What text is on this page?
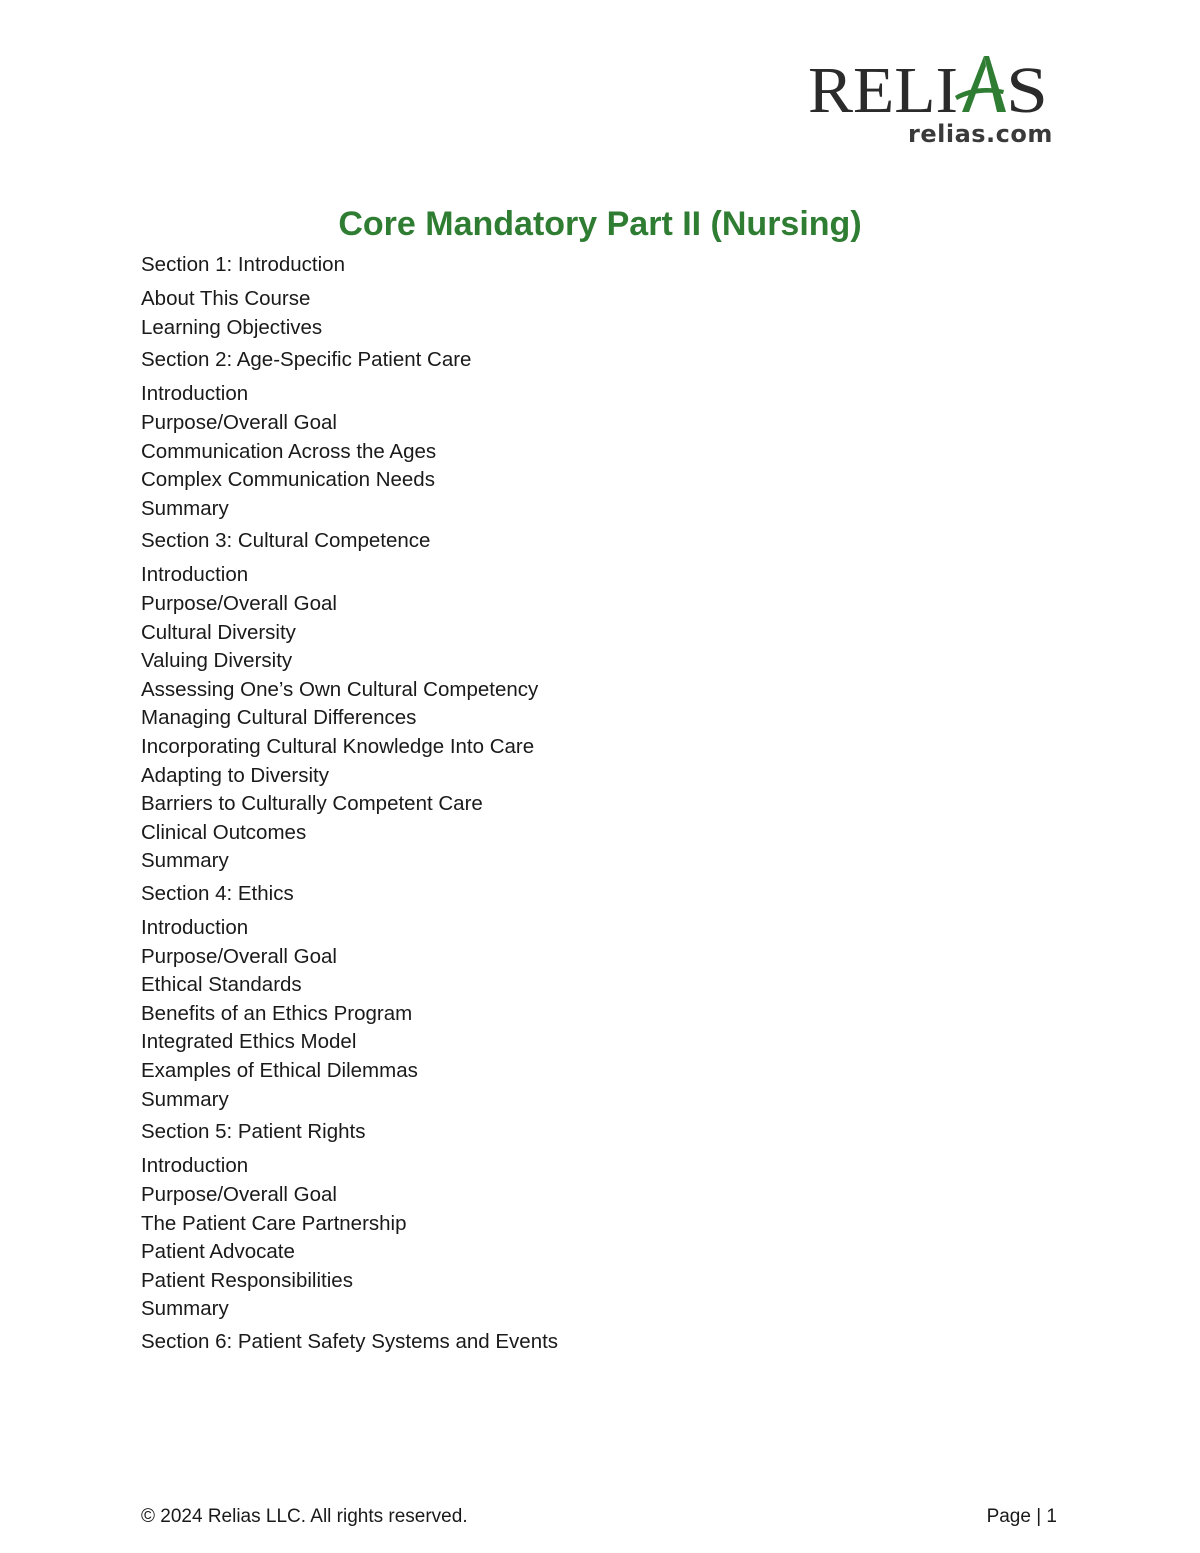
RELI S
relias.com
Core Mandatory Part II (Nursing)
Section 1: Introduction
About This Course
Learning Objectives
Section 2: Age-Specific Patient Care
Introduction
Purpose/Overall Goal
Communication Across the Ages
Complex Communication Needs
Summary
Section 3: Cultural Competence
Introduction
Purpose/Overall Goal
Cultural Diversity
Valuing Diversity
Assessing One’s Own Cultural Competency
Managing Cultural Differences
Incorporating Cultural Knowledge Into Care
Adapting to Diversity
Barriers to Culturally Competent Care
Clinical Outcomes
Summary
Section 4: Ethics
Introduction
Purpose/Overall Goal
Ethical Standards
Benefits of an Ethics Program
Integrated Ethics Model
Examples of Ethical Dilemmas
Summary
Section 5: Patient Rights
Introduction
Purpose/Overall Goal
The Patient Care Partnership
Patient Advocate
Patient Responsibilities
Summary
Section 6: Patient Safety Systems and Events
© 2024 Relias LLC. All rights reserved.	Page | 1
